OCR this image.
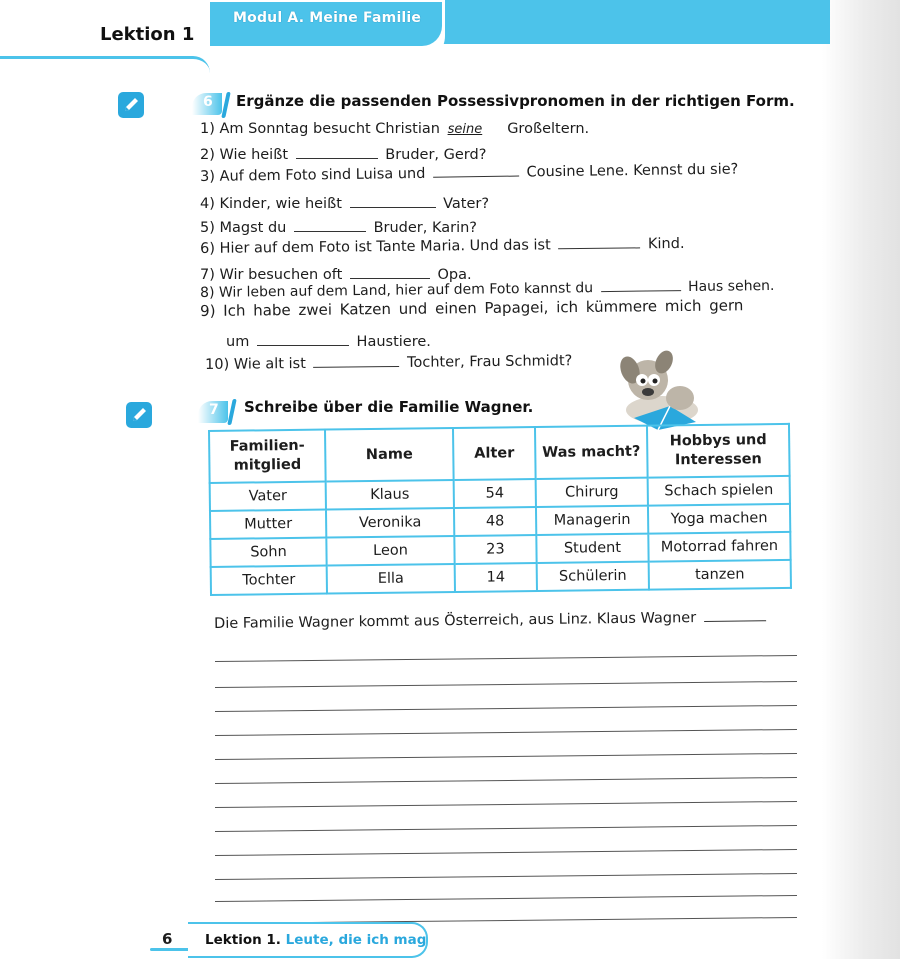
Lektion 1
Modul A. Meine Familie
6 Ergänze die passenden Possessivpronomen in der richtigen Form.
1) Am Sonntag besucht Christian seine Großeltern.
2) Wie heißt	Bruder, Gerd?
3) Auf dem Foto sind Luisa und	Cousine Lene. Kennst du sie?
4) Kinder, wie heißt	Vater?
5) Magst du	Bruder, Karin?
6) Hier auf dem Foto ist Tante Maria. Und das ist	Kind.
7) Wir besuchen oft	Opa.
8) Wir leben auf dem Land, hier auf dem Foto kannst du	Haus sehen.
9) Ich habe zwei Katzen und einen Papagei, ich kümmere mich gern
um	Haustiere.
10) Wie alt ist	Tochter, Frau Schmidt?
7 Schreibe über die Familie Wagner.
Familien-
mitglied	Name	Alter	Was macht?	Hobbys und
Interessen
Vater	Klaus	54	Chirurg	Schach spielen
Mutter	Veronika	48	Managerin	Yoga machen
Sohn	Leon	23	Student	Motorrad fahren
Tochter	Ella	14	Schülerin	tanzen
Die Familie Wagner kommt aus Österreich, aus Linz. Klaus Wagner
6 Lektion 1. Leute, die ich mag
